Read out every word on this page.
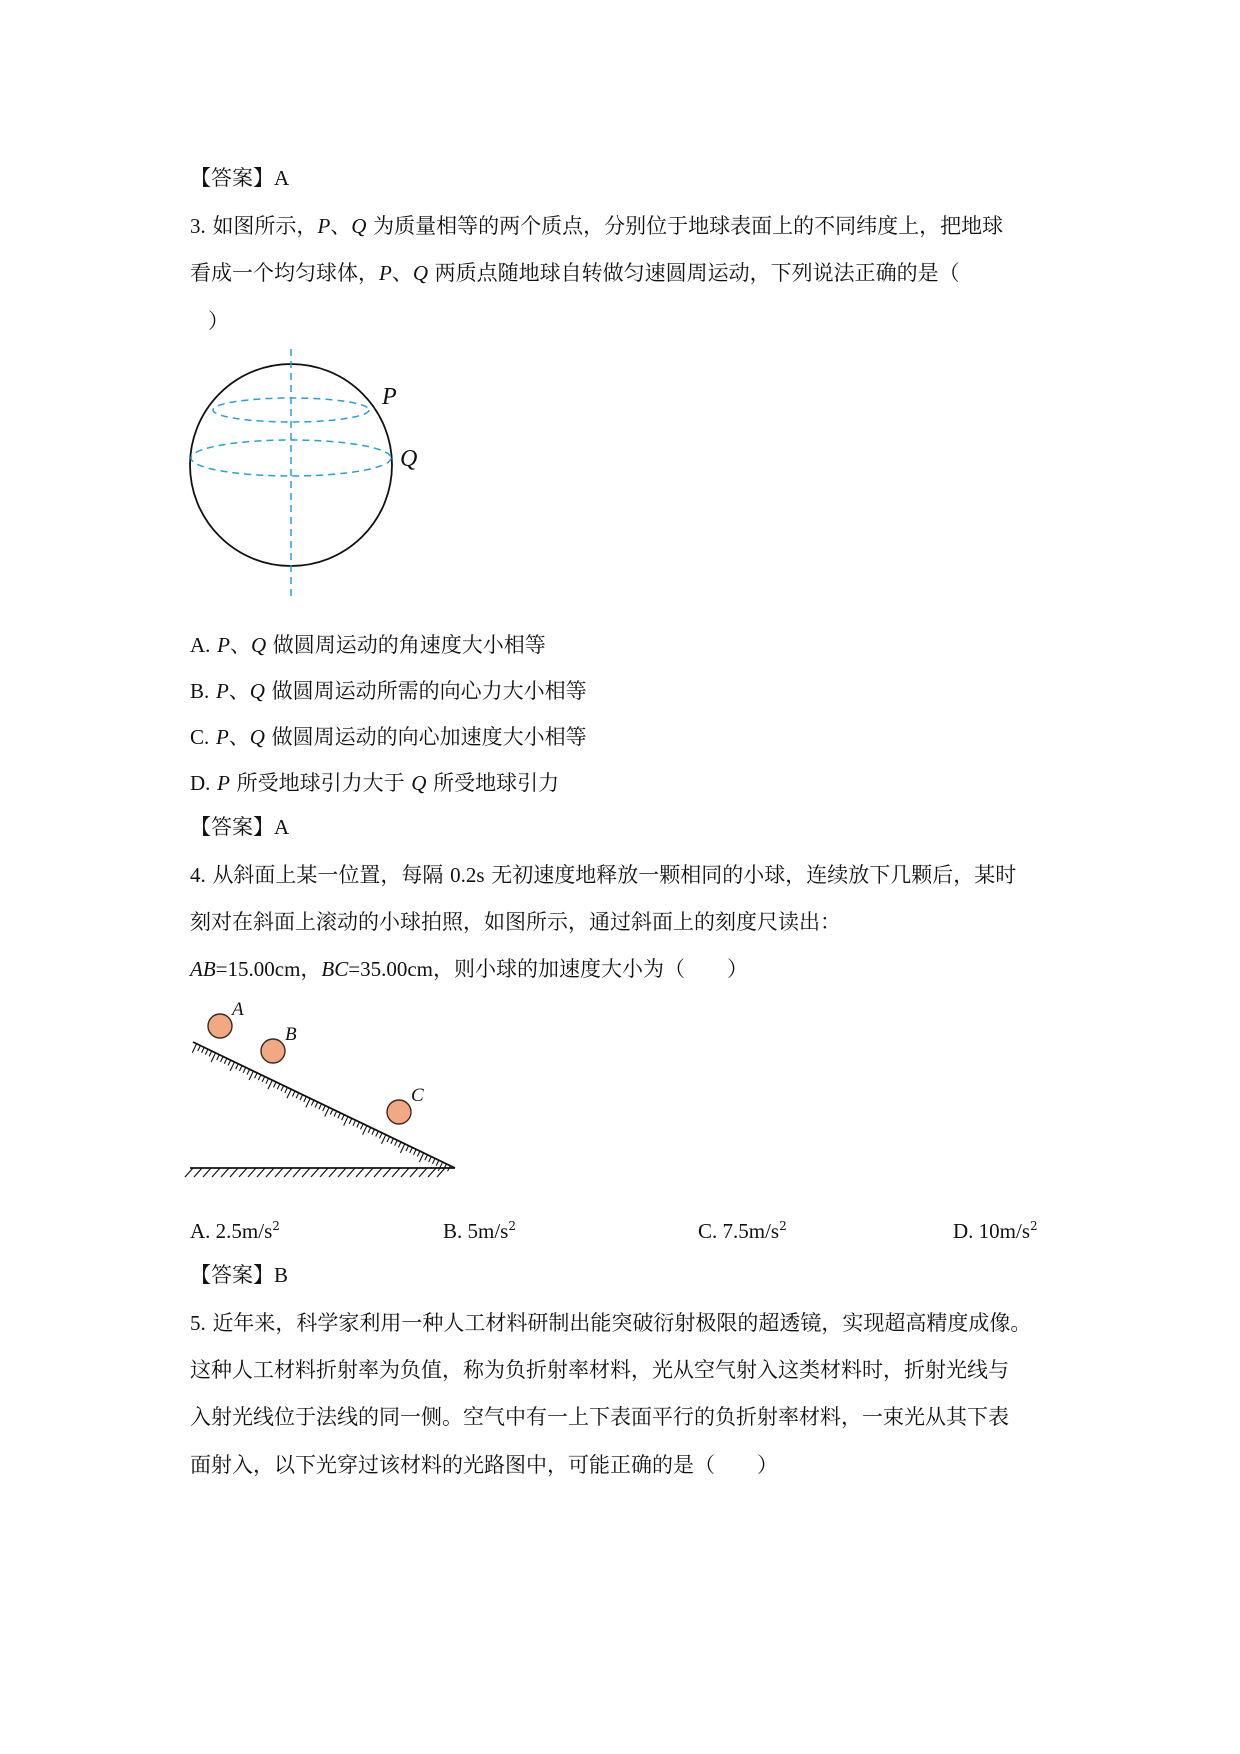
【答案】A
3. 如图所示，P、Q 为质量相等的两个质点，分别位于地球表面上的不同纬度上，把地球
看成一个均匀球体，P、Q 两质点随地球自转做匀速圆周运动，下列说法正确的是（
）
P
Q
A. P、Q 做圆周运动的角速度大小相等
B. P、Q 做圆周运动所需的向心力大小相等
C. P、Q 做圆周运动的向心加速度大小相等
D. P 所受地球引力大于 Q 所受地球引力
【答案】A
4. 从斜面上某一位置，每隔 0.2s 无初速度地释放一颗相同的小球，连续放下几颗后，某时
刻对在斜面上滚动的小球拍照，如图所示，通过斜面上的刻度尺读出：
AB=15.00cm，BC=35.00cm，则小球的加速度大小为（　　）
A
B
C
A. $2.5m/s^2$	B. $5m/s^2$	C. $7.5m/s^2$	D. $10m/s^2$
【答案】B
5. 近年来，科学家利用一种人工材料研制出能突破衍射极限的超透镜，实现超高精度成像。
这种人工材料折射率为负值，称为负折射率材料，光从空气射入这类材料时，折射光线与
入射光线位于法线的同一侧。空气中有一上下表面平行的负折射率材料，一束光从其下表
面射入，以下光穿过该材料的光路图中，可能正确的是（　　）
